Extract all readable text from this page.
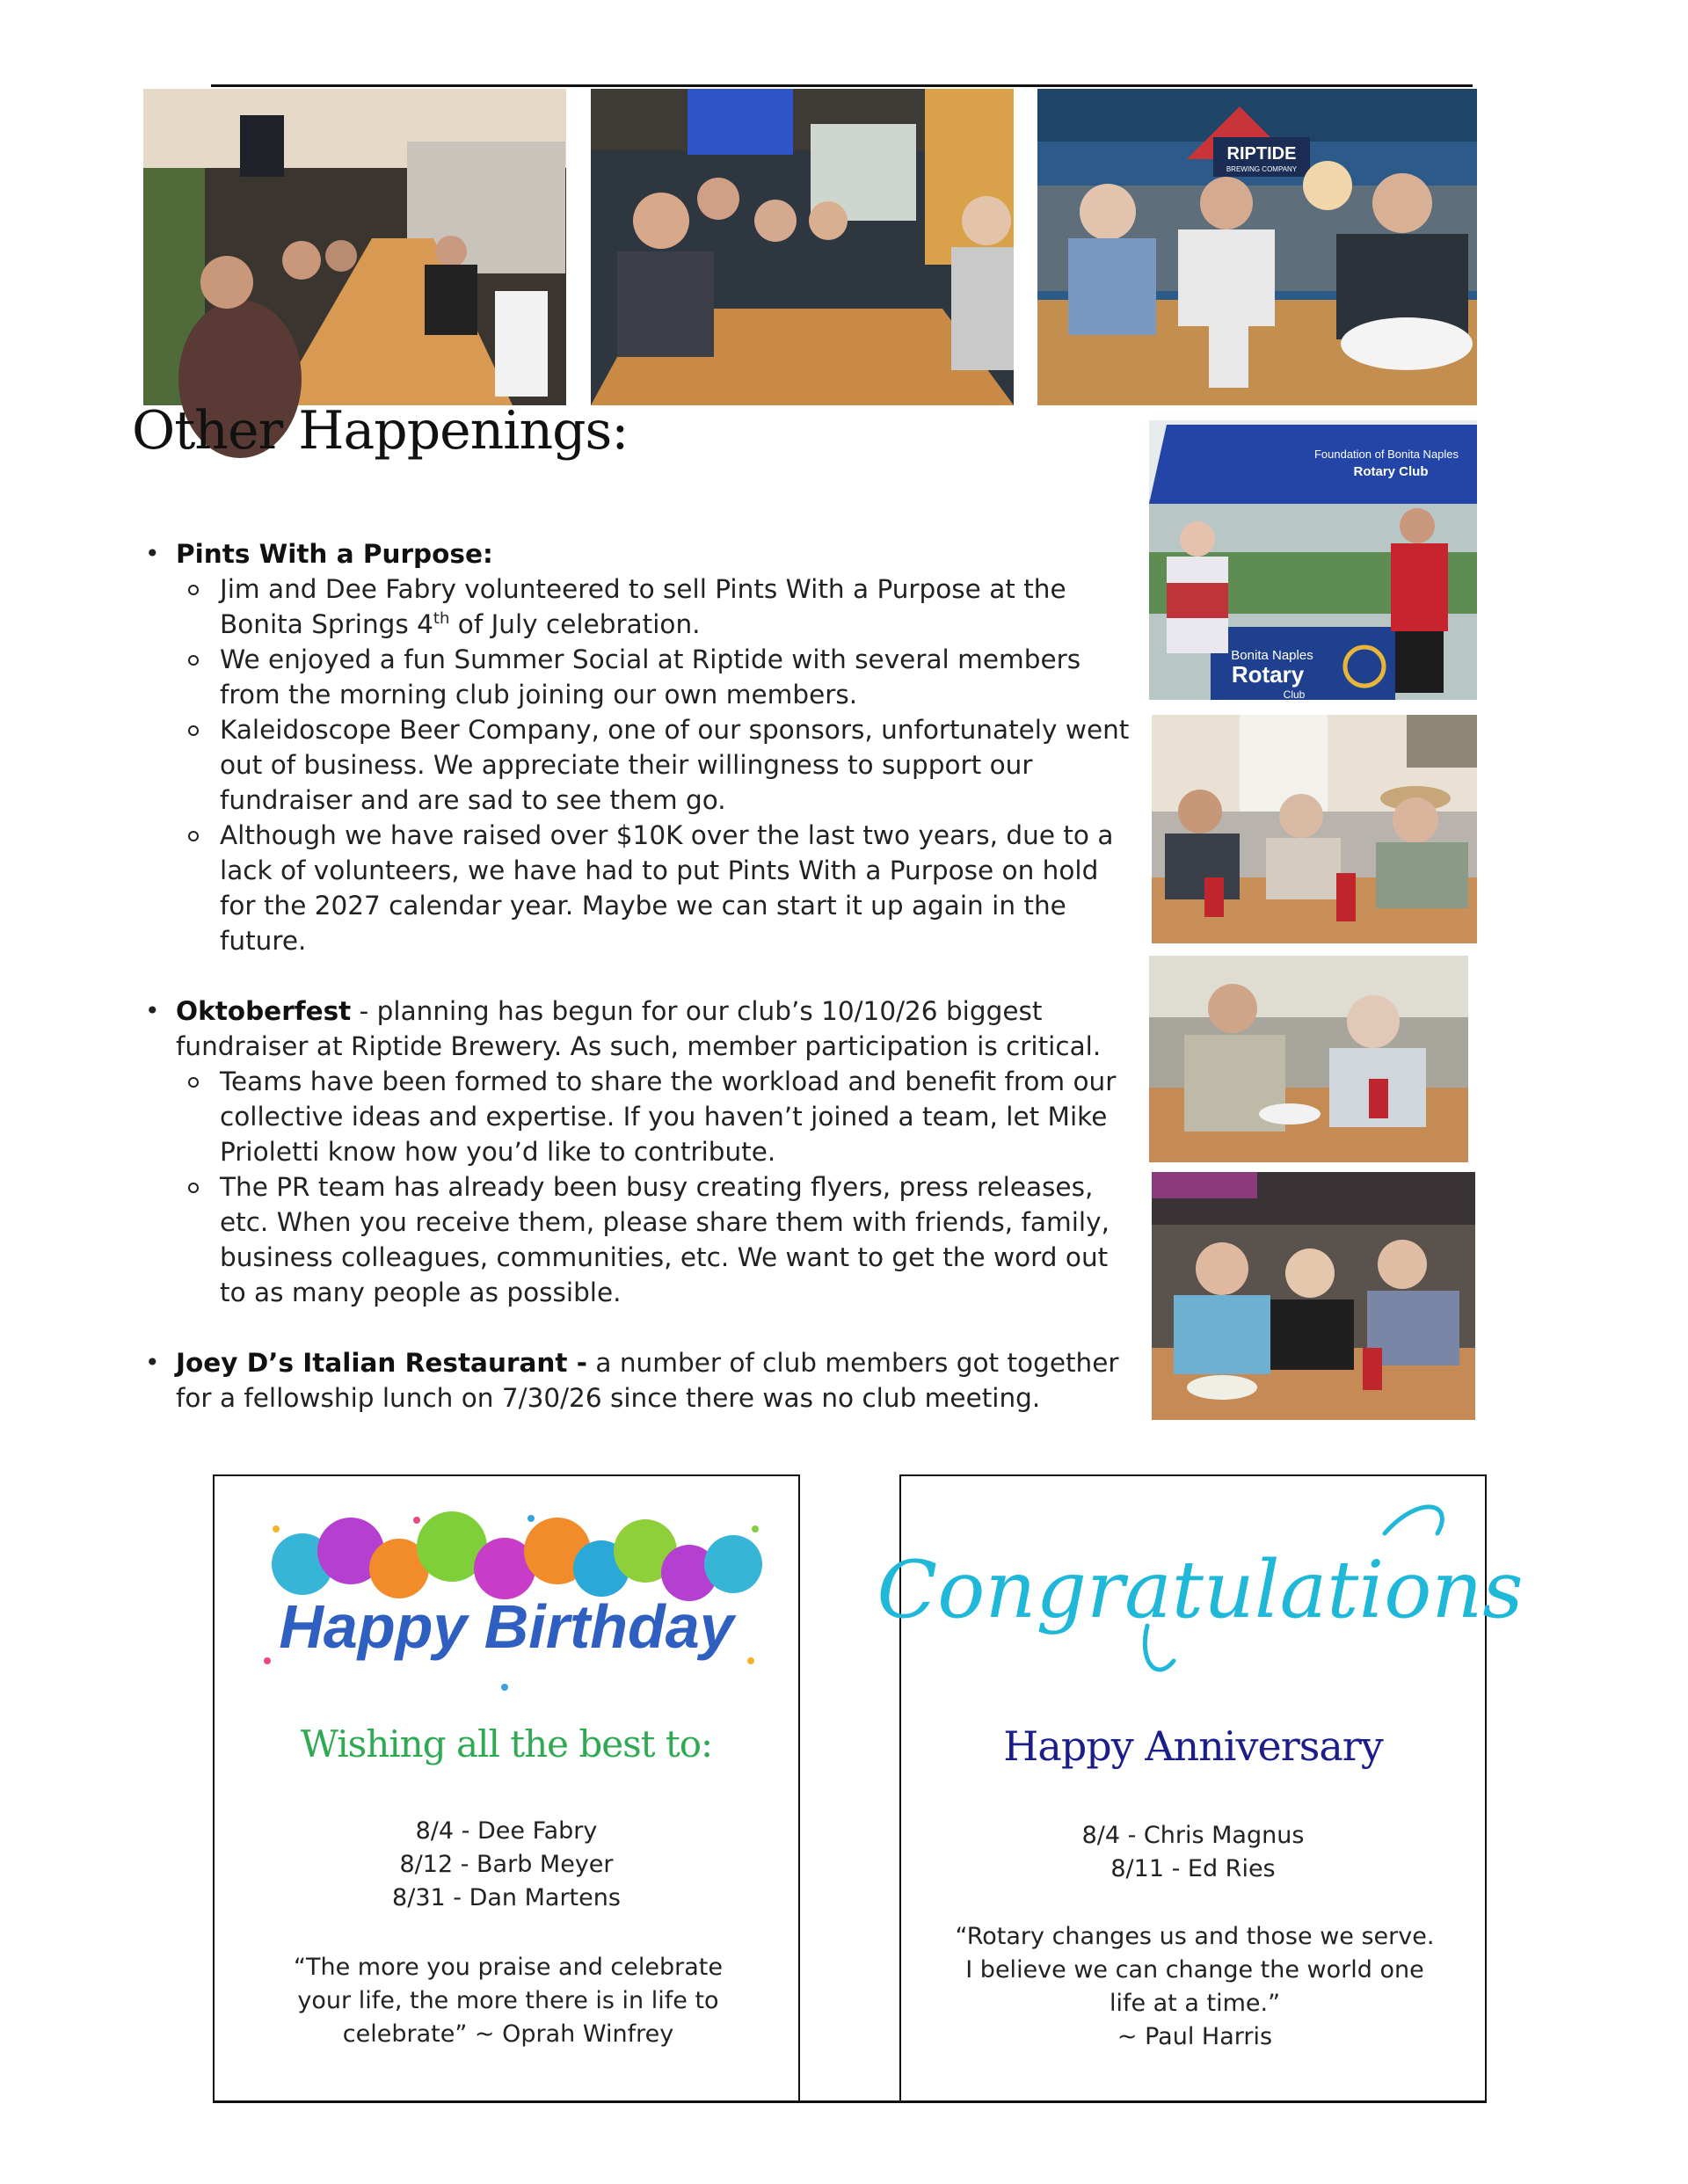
RIPTIDE
BREWING COMPANY
Other Happenings:	Foundation of Bonita Naples
Rotary Club
Bonita Naples
Rotary
Club
• Pints With a Purpose:
Jim and Dee Fabry volunteered to sell Pints With a Purpose at the Bonita Springs 4th of July celebration.
We enjoyed a fun Summer Social at Riptide with several members from the morning club joining our own members.
Kaleidoscope Beer Company, one of our sponsors, unfortunately went out of business. We appreciate their willingness to support our fundraiser and are sad to see them go.
Although we have raised over $10K over the last two years, due to a lack of volunteers, we have had to put Pints With a Purpose on hold for the 2027 calendar year. Maybe we can start it up again in the future.
• Oktoberfest - planning has begun for our club’s 10/10/26 biggest fundraiser at Riptide Brewery. As such, member participation is critical.
Teams have been formed to share the workload and benefit from our collective ideas and expertise. If you haven’t joined a team, let Mike Prioletti know how you’d like to contribute.
The PR team has already been busy creating flyers, press releases, etc. When you receive them, please share them with friends, family, business colleagues, communities, etc. We want to get the word out to as many people as possible.
• Joey D’s Italian Restaurant - a number of club members got together for a fellowship lunch on 7/30/26 since there was no club meeting.
Happy Birthday
Wishing all the best to:
8/4 - Dee Fabry
8/12 - Barb Meyer
8/31 - Dan Martens
“The more you praise and celebrate your life, the more there is in life to celebrate” ~ Oprah Winfrey
Congratulations
Happy Anniversary
8/4 - Chris Magnus
8/11 - Ed Ries
“Rotary changes us and those we serve. I believe we can change the world one life at a time.”
~ Paul Harris
